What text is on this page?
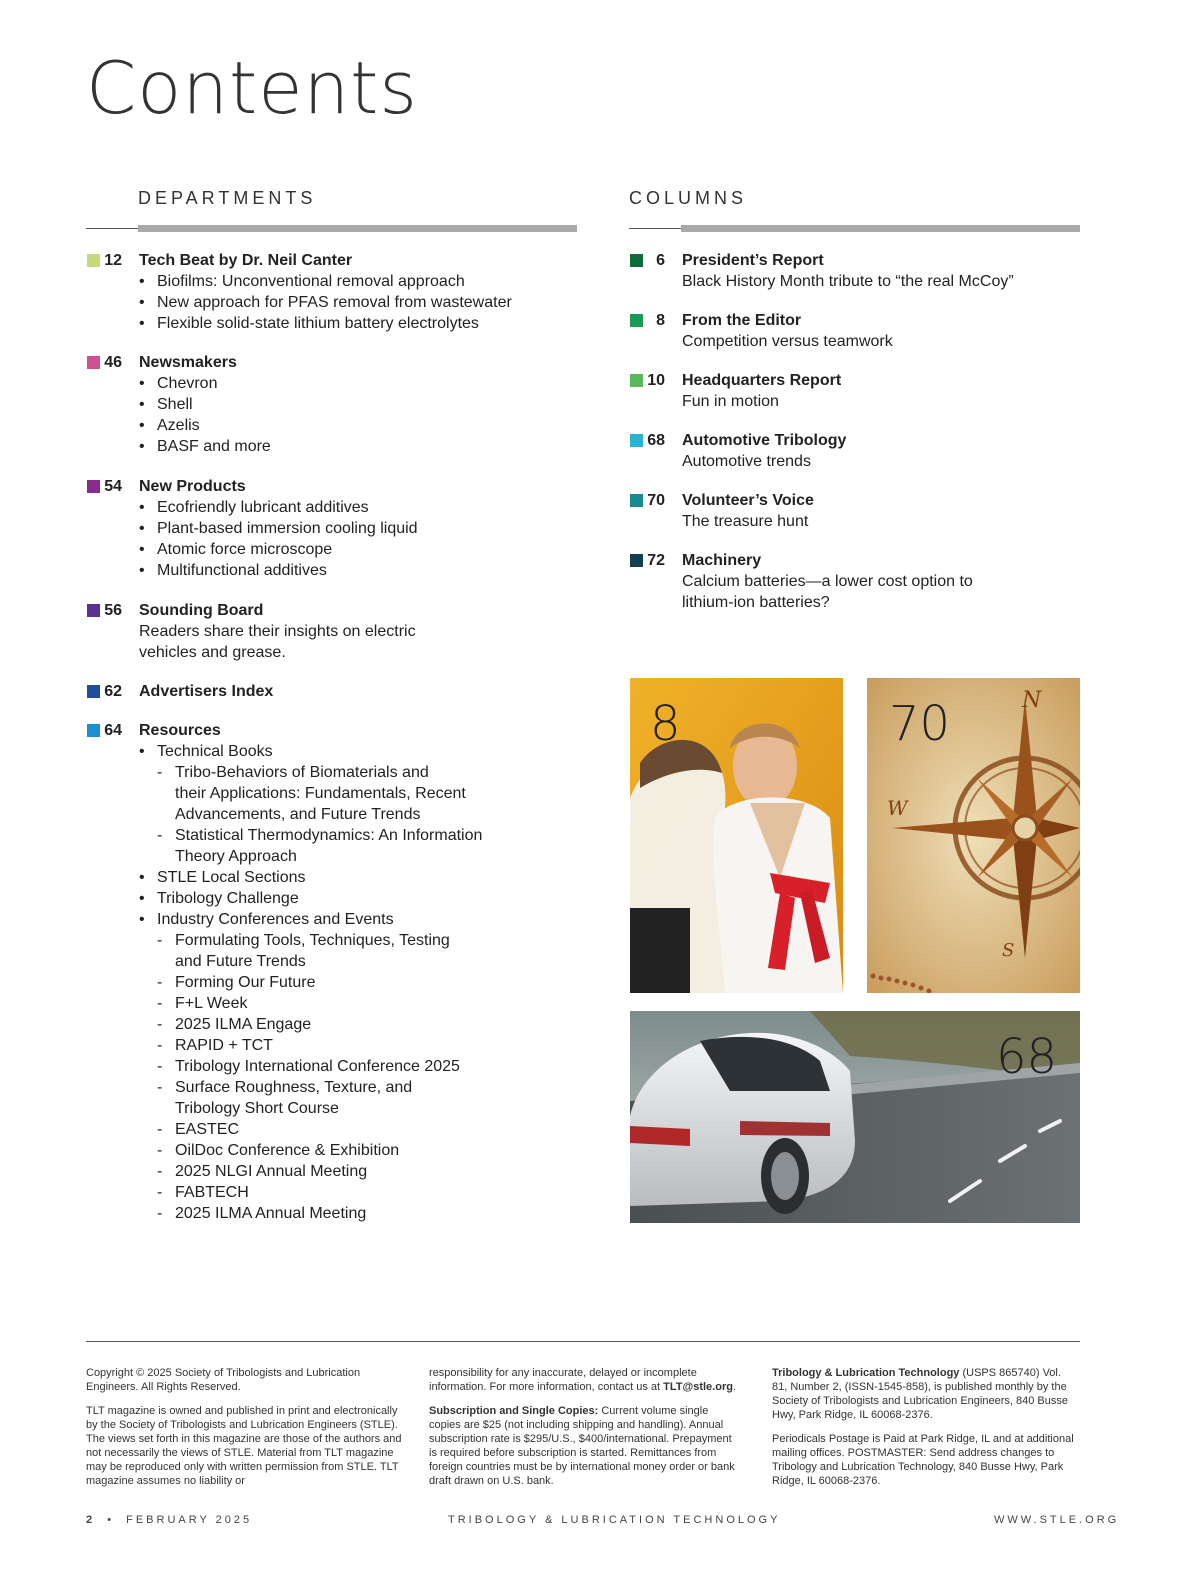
Contents
DEPARTMENTS	COLUMNS
12 Tech Beat by Dr. Neil Canter
• Biofilms: Unconventional removal approach
• New approach for PFAS removal from wastewater
• Flexible solid-state lithium battery electrolytes
46 Newsmakers
• Chevron
• Shell
• Azelis
• BASF and more
54 New Products
• Ecofriendly lubricant additives
• Plant-based immersion cooling liquid
• Atomic force microscope
• Multifunctional additives
56 Sounding Board
Readers share their insights on electric
vehicles and grease.
62 Advertisers Index
64 Resources
• Technical Books
- Tribo-Behaviors of Biomaterials and
their Applications: Fundamentals, Recent
Advancements, and Future Trends
- Statistical Thermodynamics: An Information
Theory Approach
• STLE Local Sections
• Tribology Challenge
• Industry Conferences and Events
- Formulating Tools, Techniques, Testing
and Future Trends
- Forming Our Future
- F+L Week
- 2025 ILMA Engage
- RAPID + TCT
- Tribology International Conference 2025
- Surface Roughness, Texture, and
Tribology Short Course
- EASTEC
- OilDoc Conference & Exhibition
- 2025 NLGI Annual Meeting
- FABTECH
- 2025 ILMA Annual Meeting
6 President’s Report
Black History Month tribute to “the real McCoy”
8 From the Editor
Competition versus teamwork
10 Headquarters Report
Fun in motion
68 Automotive Tribology
Automotive trends
70 Volunteer’s Voice
The treasure hunt
72 Machinery
Calcium batteries—a lower cost option to
lithium-ion batteries?
8	70	N
W
S
68

Copyright © 2025 Society of Tribologists and Lubrication Engineers. All Rights Reserved.

TLT magazine is owned and published in print and electronically by the Society of Tribologists and Lubrication Engineers (STLE). The views set forth in this magazine are those of the authors and not necessarily the views of STLE. Material from TLT magazine may be reproduced only with written permission from STLE. TLT magazine assumes no liability or

responsibility for any inaccurate, delayed or incomplete information. For more information, contact us at TLT@stle.org.

Subscription and Single Copies: Current volume single copies are $25 (not including shipping and handling). Annual subscription rate is $295/U.S., $400/international. Prepayment is required before subscription is started. Remittances from foreign countries must be by international money order or bank draft drawn on U.S. bank.

Tribology & Lubrication Technology (USPS 865740) Vol. 81, Number 2, (ISSN-1545-858), is published monthly by the Society of Tribologists and Lubrication Engineers, 840 Busse Hwy, Park Ridge, IL 60068-2376.

Periodicals Postage is Paid at Park Ridge, IL and at additional mailing offices. POSTMASTER: Send address changes to Tribology and Lubrication Technology, 840 Busse Hwy, Park Ridge, IL 60068-2376.

2 • FEBRUARY 2025	TRIBOLOGY & LUBRICATION TECHNOLOGY	WWW.STLE.ORG
